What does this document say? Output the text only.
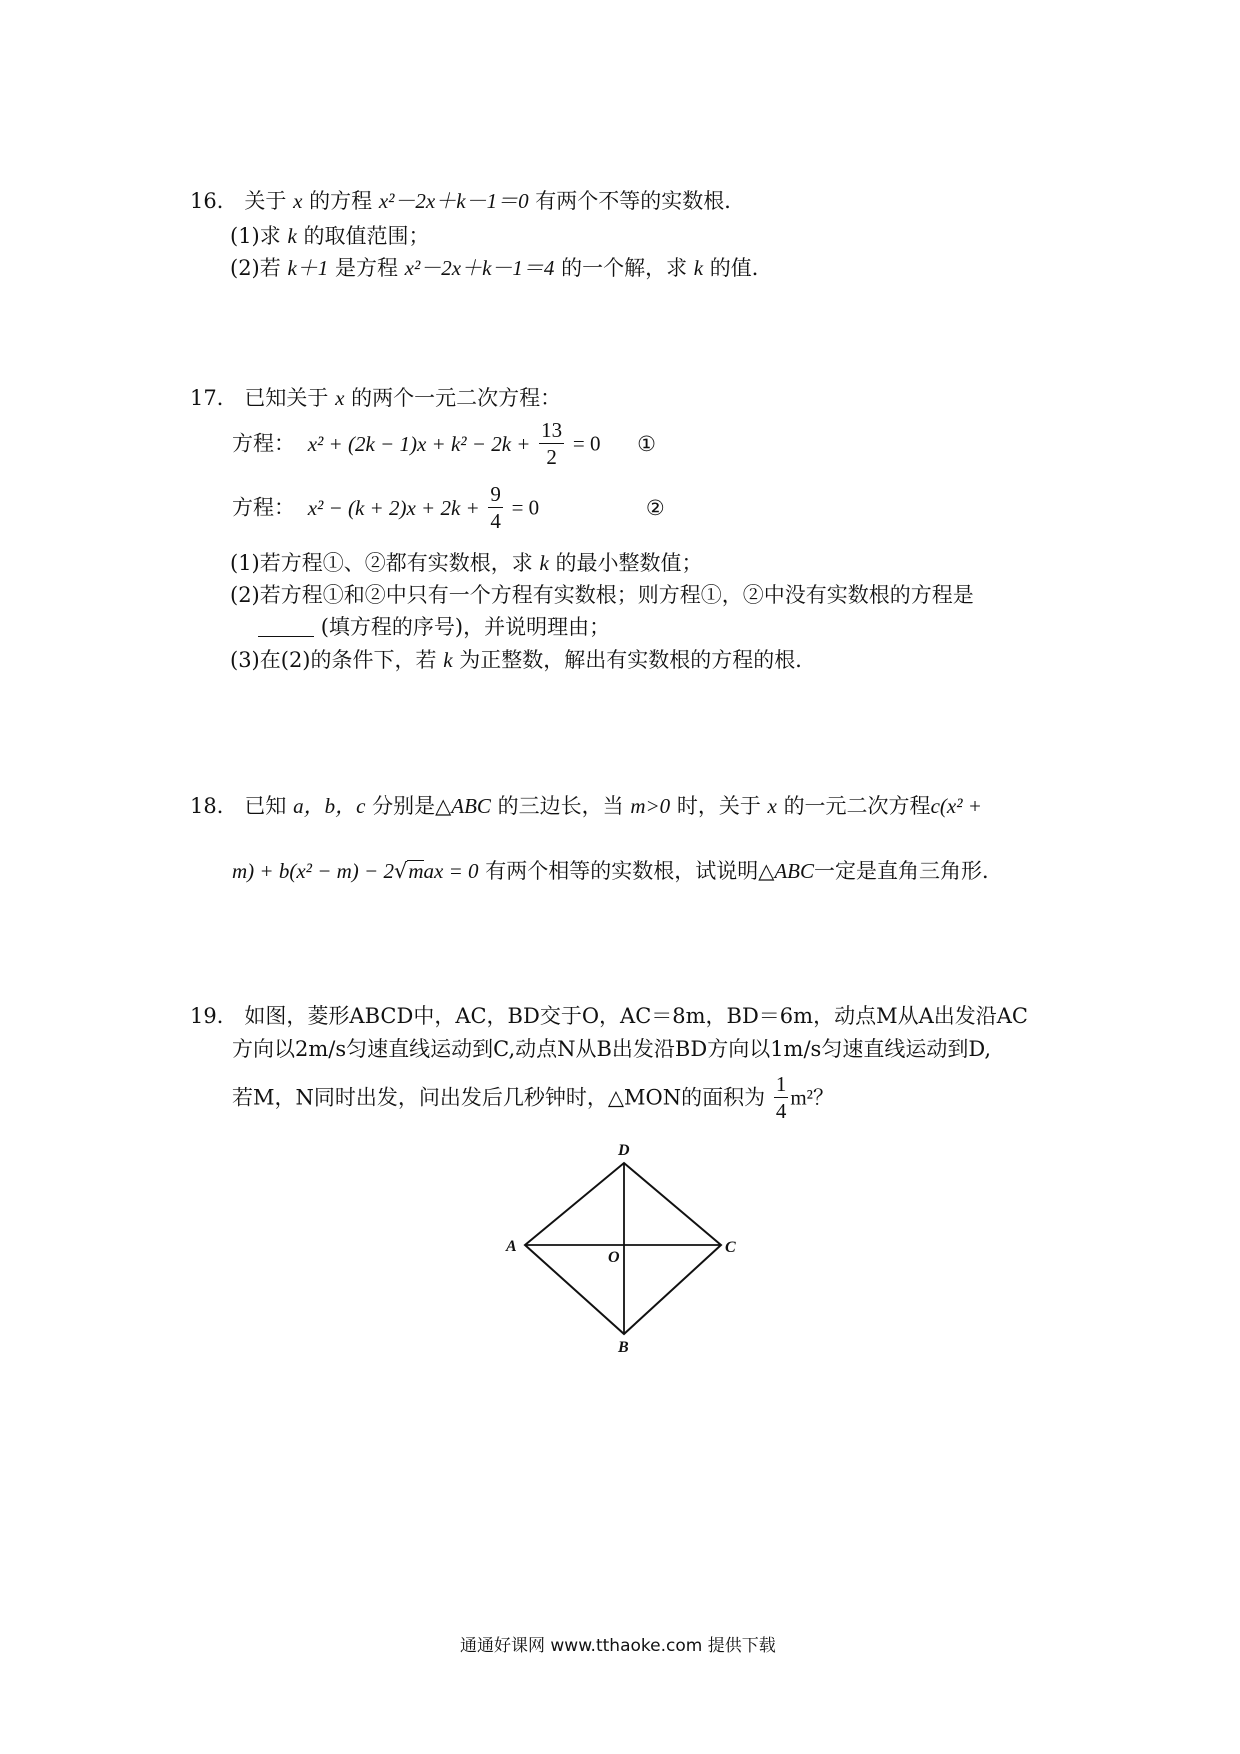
16． 关于 x 的方程 x²－2x＋k－1＝0 有两个不等的实数根．
(1)求 k 的取值范围；
(2)若 k＋1 是方程 x²－2x＋k－1＝4 的一个解，求 k 的值．
17． 已知关于 x 的两个一元二次方程：
方程： $x^2 + (2k - 1)x + k^2 - 2k + \frac{13}{2} = 0$ ①
方程： $x^2 - (k + 2)x + 2k + \frac{9}{4} = 0$	②
(1)若方程①、②都有实数根，求 k 的最小整数值；
(2)若方程①和②中只有一个方程有实数根；则方程①，②中没有实数根的方程是
(填方程的序号)，并说明理由；
(3)在(2)的条件下，若 k 为正整数，解出有实数根的方程的根．
18． 已知 a，b，c 分别是△ABC 的三边长，当 m>0 时，关于 x 的一元二次方程c(x² +
m) + b(x² − m) − 2√max = 0 有两个相等的实数根，试说明△ABC一定是直角三角形．
19． 如图，菱形ABCD中，AC，BD交于O，AC＝8m，BD＝6m，动点M从A出发沿AC
方向以2m/s匀速直线运动到C,动点N从B出发沿BD方向以1m/s匀速直线运动到D,
若M，N同时出发，问出发后几秒钟时，△MON的面积为 $\frac{1}{4} m^2$？
D
A	C
O
B
通通好课网 www.tthaoke.com 提供下载
